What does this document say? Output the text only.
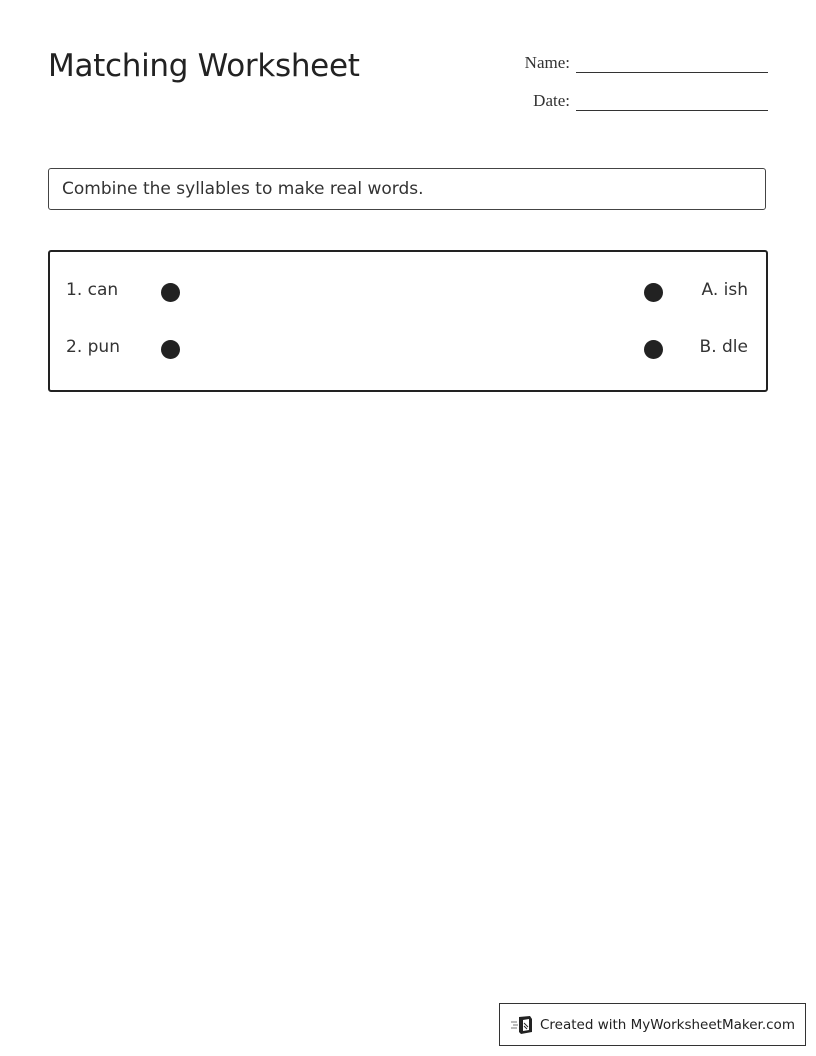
Matching Worksheet	Name:
Date:
Combine the syllables to make real words.
1. can	A. ish
2. pun	B. dle
Created with MyWorksheetMaker.com
